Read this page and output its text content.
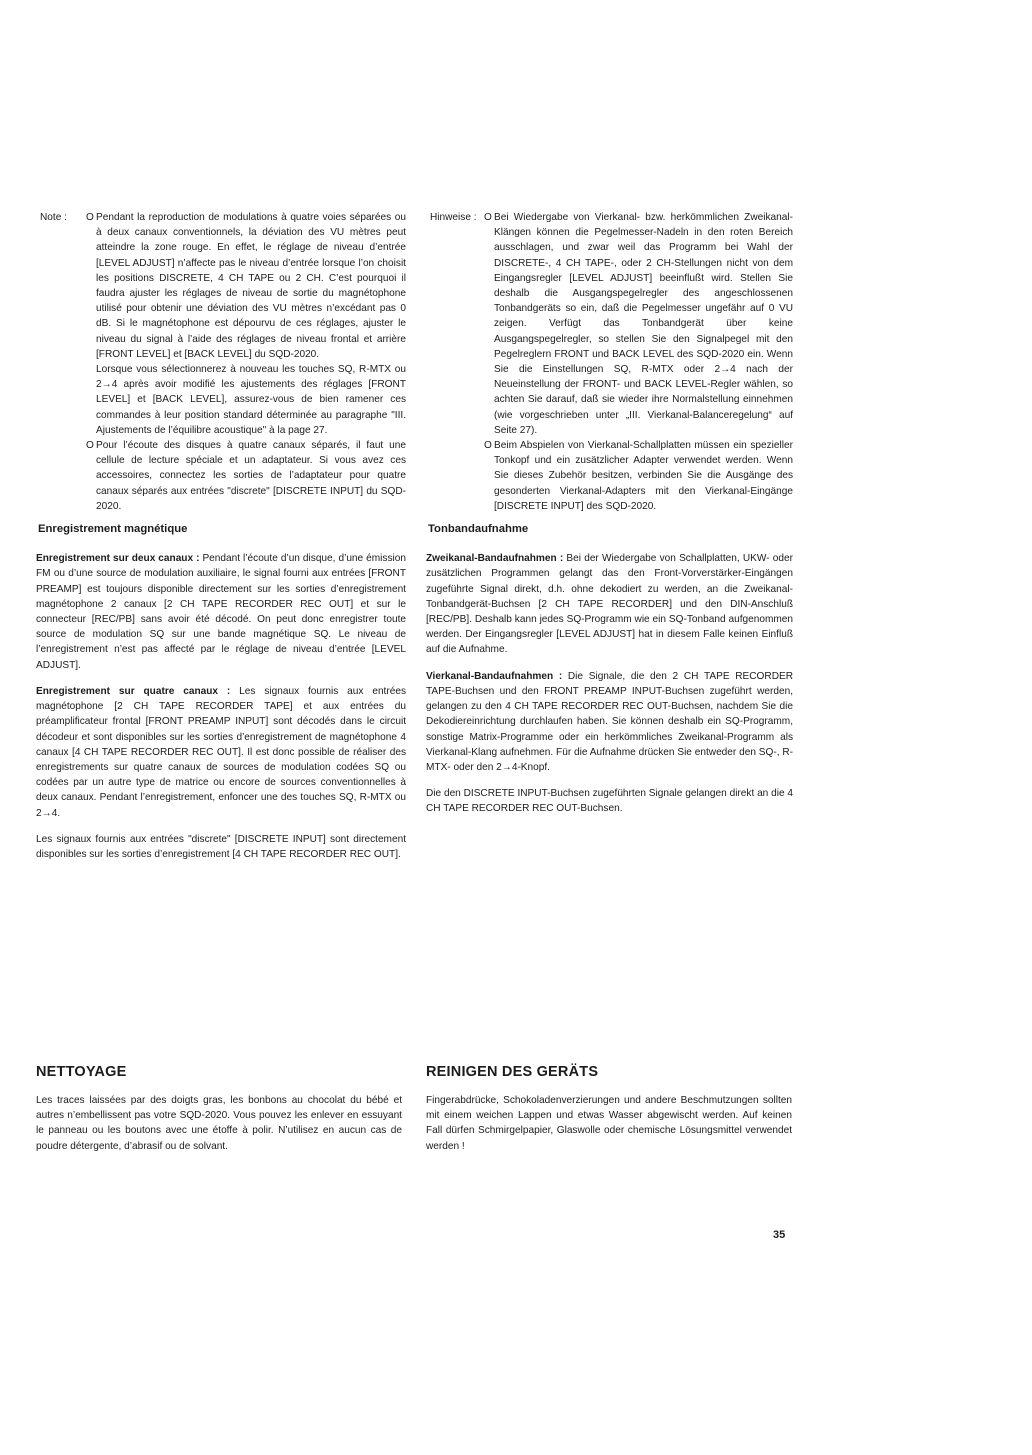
Note : O Pendant la reproduction de modulations à quatre voies séparées ou à deux canaux conventionnels, la déviation des VU mètres peut atteindre la zone rouge. En effet, le réglage de niveau d’entrée [LEVEL ADJUST] n’affecte pas le niveau d’entrée lorsque l’on choisit les positions DISCRETE, 4 CH TAPE ou 2 CH. C’est pourquoi il faudra ajuster les réglages de niveau de sortie du magnétophone utilisé pour obtenir une déviation des VU mètres n’excédant pas 0 dB. Si le magnétophone est dépourvu de ces réglages, ajuster le niveau du signal à l’aide des réglages de niveau frontal et arrière [FRONT LEVEL] et [BACK LEVEL] du SQD-2020.

Lorsque vous sélectionnerez à nouveau les touches SQ, R-MTX ou 2→4 après avoir modifié les ajustements des réglages [FRONT LEVEL] et [BACK LEVEL], assurez-vous de bien ramener ces commandes à leur position standard déterminée au paragraphe "III. Ajustements de l’équilibre acoustique" à la page 27.

O Pour l’écoute des disques à quatre canaux séparés, il faut une cellule de lecture spéciale et un adaptateur. Si vous avez ces accessoires, connectez les sorties de l’adaptateur pour quatre canaux séparés aux entrées "discrete" [DISCRETE INPUT] du SQD-2020.

Enregistrement magnétique

Enregistrement sur deux canaux : Pendant l’écoute d’un disque, d’une émission FM ou d’une source de modulation auxiliaire, le signal fourni aux entrées [FRONT PREAMP] est toujours disponible directement sur les sorties d’enregistrement magnétophone 2 canaux [2 CH TAPE RECORDER REC OUT] et sur le connecteur [REC/PB] sans avoir été décodé. On peut donc enregistrer toute source de modulation SQ sur une bande magnétique SQ. Le niveau de l’enregistrement n’est pas affecté par le réglage de niveau d’entrée [LEVEL ADJUST].

Enregistrement sur quatre canaux : Les signaux fournis aux entrées magnétophone [2 CH TAPE RECORDER TAPE] et aux entrées du préamplificateur frontal [FRONT PREAMP INPUT] sont décodés dans le circuit décodeur et sont disponibles sur les sorties d’enregistrement de magnétophone 4 canaux [4 CH TAPE RECORDER REC OUT]. Il est donc possible de réaliser des enregistrements sur quatre canaux de sources de modulation codées SQ ou codées par un autre type de matrice ou encore de sources conventionnelles à deux canaux. Pendant l’enregistrement, enfoncer une des touches SQ, R-MTX ou 2→4.

Les signaux fournis aux entrées "discrete" [DISCRETE INPUT] sont directement disponibles sur les sorties d’enregistrement [4 CH TAPE RECORDER REC OUT].

Hinweise : O Bei Wiedergabe von Vierkanal- bzw. herkömmlichen Zweikanal-Klängen können die Pegelmesser-Nadeln in den roten Bereich ausschlagen, und zwar weil das Programm bei Wahl der DISCRETE-, 4 CH TAPE-, oder 2 CH-Stellungen nicht von dem Eingangsregler [LEVEL ADJUST] beeinflußt wird. Stellen Sie deshalb die Ausgangspegelregler des angeschlossenen Tonbandgeräts so ein, daß die Pegelmesser ungefähr auf 0 VU zeigen. Verfügt das Tonbandgerät über keine Ausgangspegelregler, so stellen Sie den Signalpegel mit den Pegelreglern FRONT und BACK LEVEL des SQD-2020 ein. Wenn Sie die Einstellungen SQ, R-MTX oder 2→4 nach der Neueinstellung der FRONT- und BACK LEVEL-Regler wählen, so achten Sie darauf, daß sie wieder ihre Normalstellung einnehmen (wie vorgeschrieben unter „III. Vierkanal-Balanceregelung“ auf Seite 27).

O Beim Abspielen von Vierkanal-Schallplatten müssen ein spezieller Tonkopf und ein zusätzlicher Adapter verwendet werden. Wenn Sie dieses Zubehör besitzen, verbinden Sie die Ausgänge des gesonderten Vierkanal-Adapters mit den Vierkanal-Eingänge [DISCRETE INPUT] des SQD-2020.

Tonbandaufnahme

Zweikanal-Bandaufnahmen : Bei der Wiedergabe von Schallplatten, UKW- oder zusätzlichen Programmen gelangt das den Front-Vorverstärker-Eingängen zugeführte Signal direkt, d.h. ohne dekodiert zu werden, an die Zweikanal-Tonbandgerät-Buchsen [2 CH TAPE RECORDER] und den DIN-Anschluß [REC/PB]. Deshalb kann jedes SQ-Programm wie ein SQ-Tonband aufgenommen werden. Der Eingangsregler [LEVEL ADJUST] hat in diesem Falle keinen Einfluß auf die Aufnahme.

Vierkanal-Bandaufnahmen : Die Signale, die den 2 CH TAPE RECORDER TAPE-Buchsen und den FRONT PREAMP INPUT-Buchsen zugeführt werden, gelangen zu den 4 CH TAPE RECORDER REC OUT-Buchsen, nachdem Sie die Dekodiereinrichtung durchlaufen haben. Sie können deshalb ein SQ-Programm, sonstige Matrix-Programme oder ein herkömmliches Zweikanal-Programm als Vierkanal-Klang aufnehmen. Für die Aufnahme drücken Sie entweder den SQ-, R-MTX- oder den 2→4-Knopf.

Die den DISCRETE INPUT-Buchsen zugeführten Signale gelangen direkt an die 4 CH TAPE RECORDER REC OUT-Buchsen.

NETTOYAGE
Les traces laissées par des doigts gras, les bonbons au chocolat du bébé et autres n’embellissent pas votre SQD-2020. Vous pouvez les enlever en essuyant le panneau ou les boutons avec une étoffe à polir. N’utilisez en aucun cas de poudre détergente, d’abrasif ou de solvant.
REINIGEN DES GERÄTS
Fingerabdrücke, Schokoladenverzierungen und andere Beschmutzungen sollten mit einem weichen Lappen und etwas Wasser abgewischt werden. Auf keinen Fall dürfen Schmirgelpapier, Glaswolle oder chemische Lösungsmittel verwendet werden !
35
